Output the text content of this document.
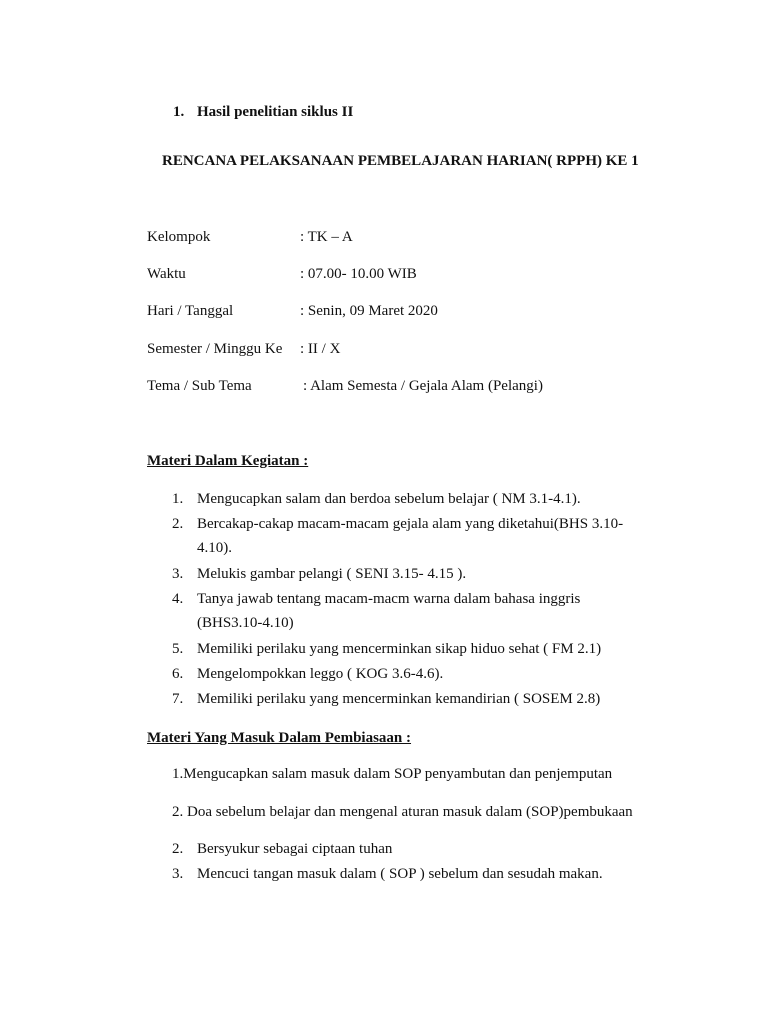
1. Hasil penelitian siklus II
RENCANA PELAKSANAAN PEMBELAJARAN HARIAN( RPPH) KE 1
Kelompok	: TK – A
Waktu	: 07.00- 10.00 WIB
Hari / Tanggal	: Senin, 09 Maret 2020
Semester / Minggu Ke : II / X
Tema / Sub Tema	: Alam Semesta / Gejala Alam (Pelangi)
Materi Dalam Kegiatan :
1. Mengucapkan salam dan berdoa sebelum belajar ( NM 3.1-4.1).
2. Bercakap-cakap macam-macam gejala alam yang diketahui(BHS 3.10-4.10).
3. Melukis gambar pelangi ( SENI 3.15- 4.15 ).
4. Tanya jawab tentang macam-macm warna dalam bahasa inggris (BHS3.10-4.10)
5. Memiliki perilaku yang mencerminkan sikap hiduo sehat ( FM 2.1)
6. Mengelompokkan leggo ( KOG 3.6-4.6).
7. Memiliki perilaku yang mencerminkan kemandirian ( SOSEM 2.8)
Materi Yang Masuk Dalam Pembiasaan :
1.Mengucapkan salam masuk dalam SOP penyambutan dan penjemputan
2. Doa sebelum belajar dan mengenal aturan masuk dalam (SOP)pembukaan
2. Bersyukur sebagai ciptaan tuhan
3. Mencuci tangan masuk dalam ( SOP ) sebelum dan sesudah makan.
